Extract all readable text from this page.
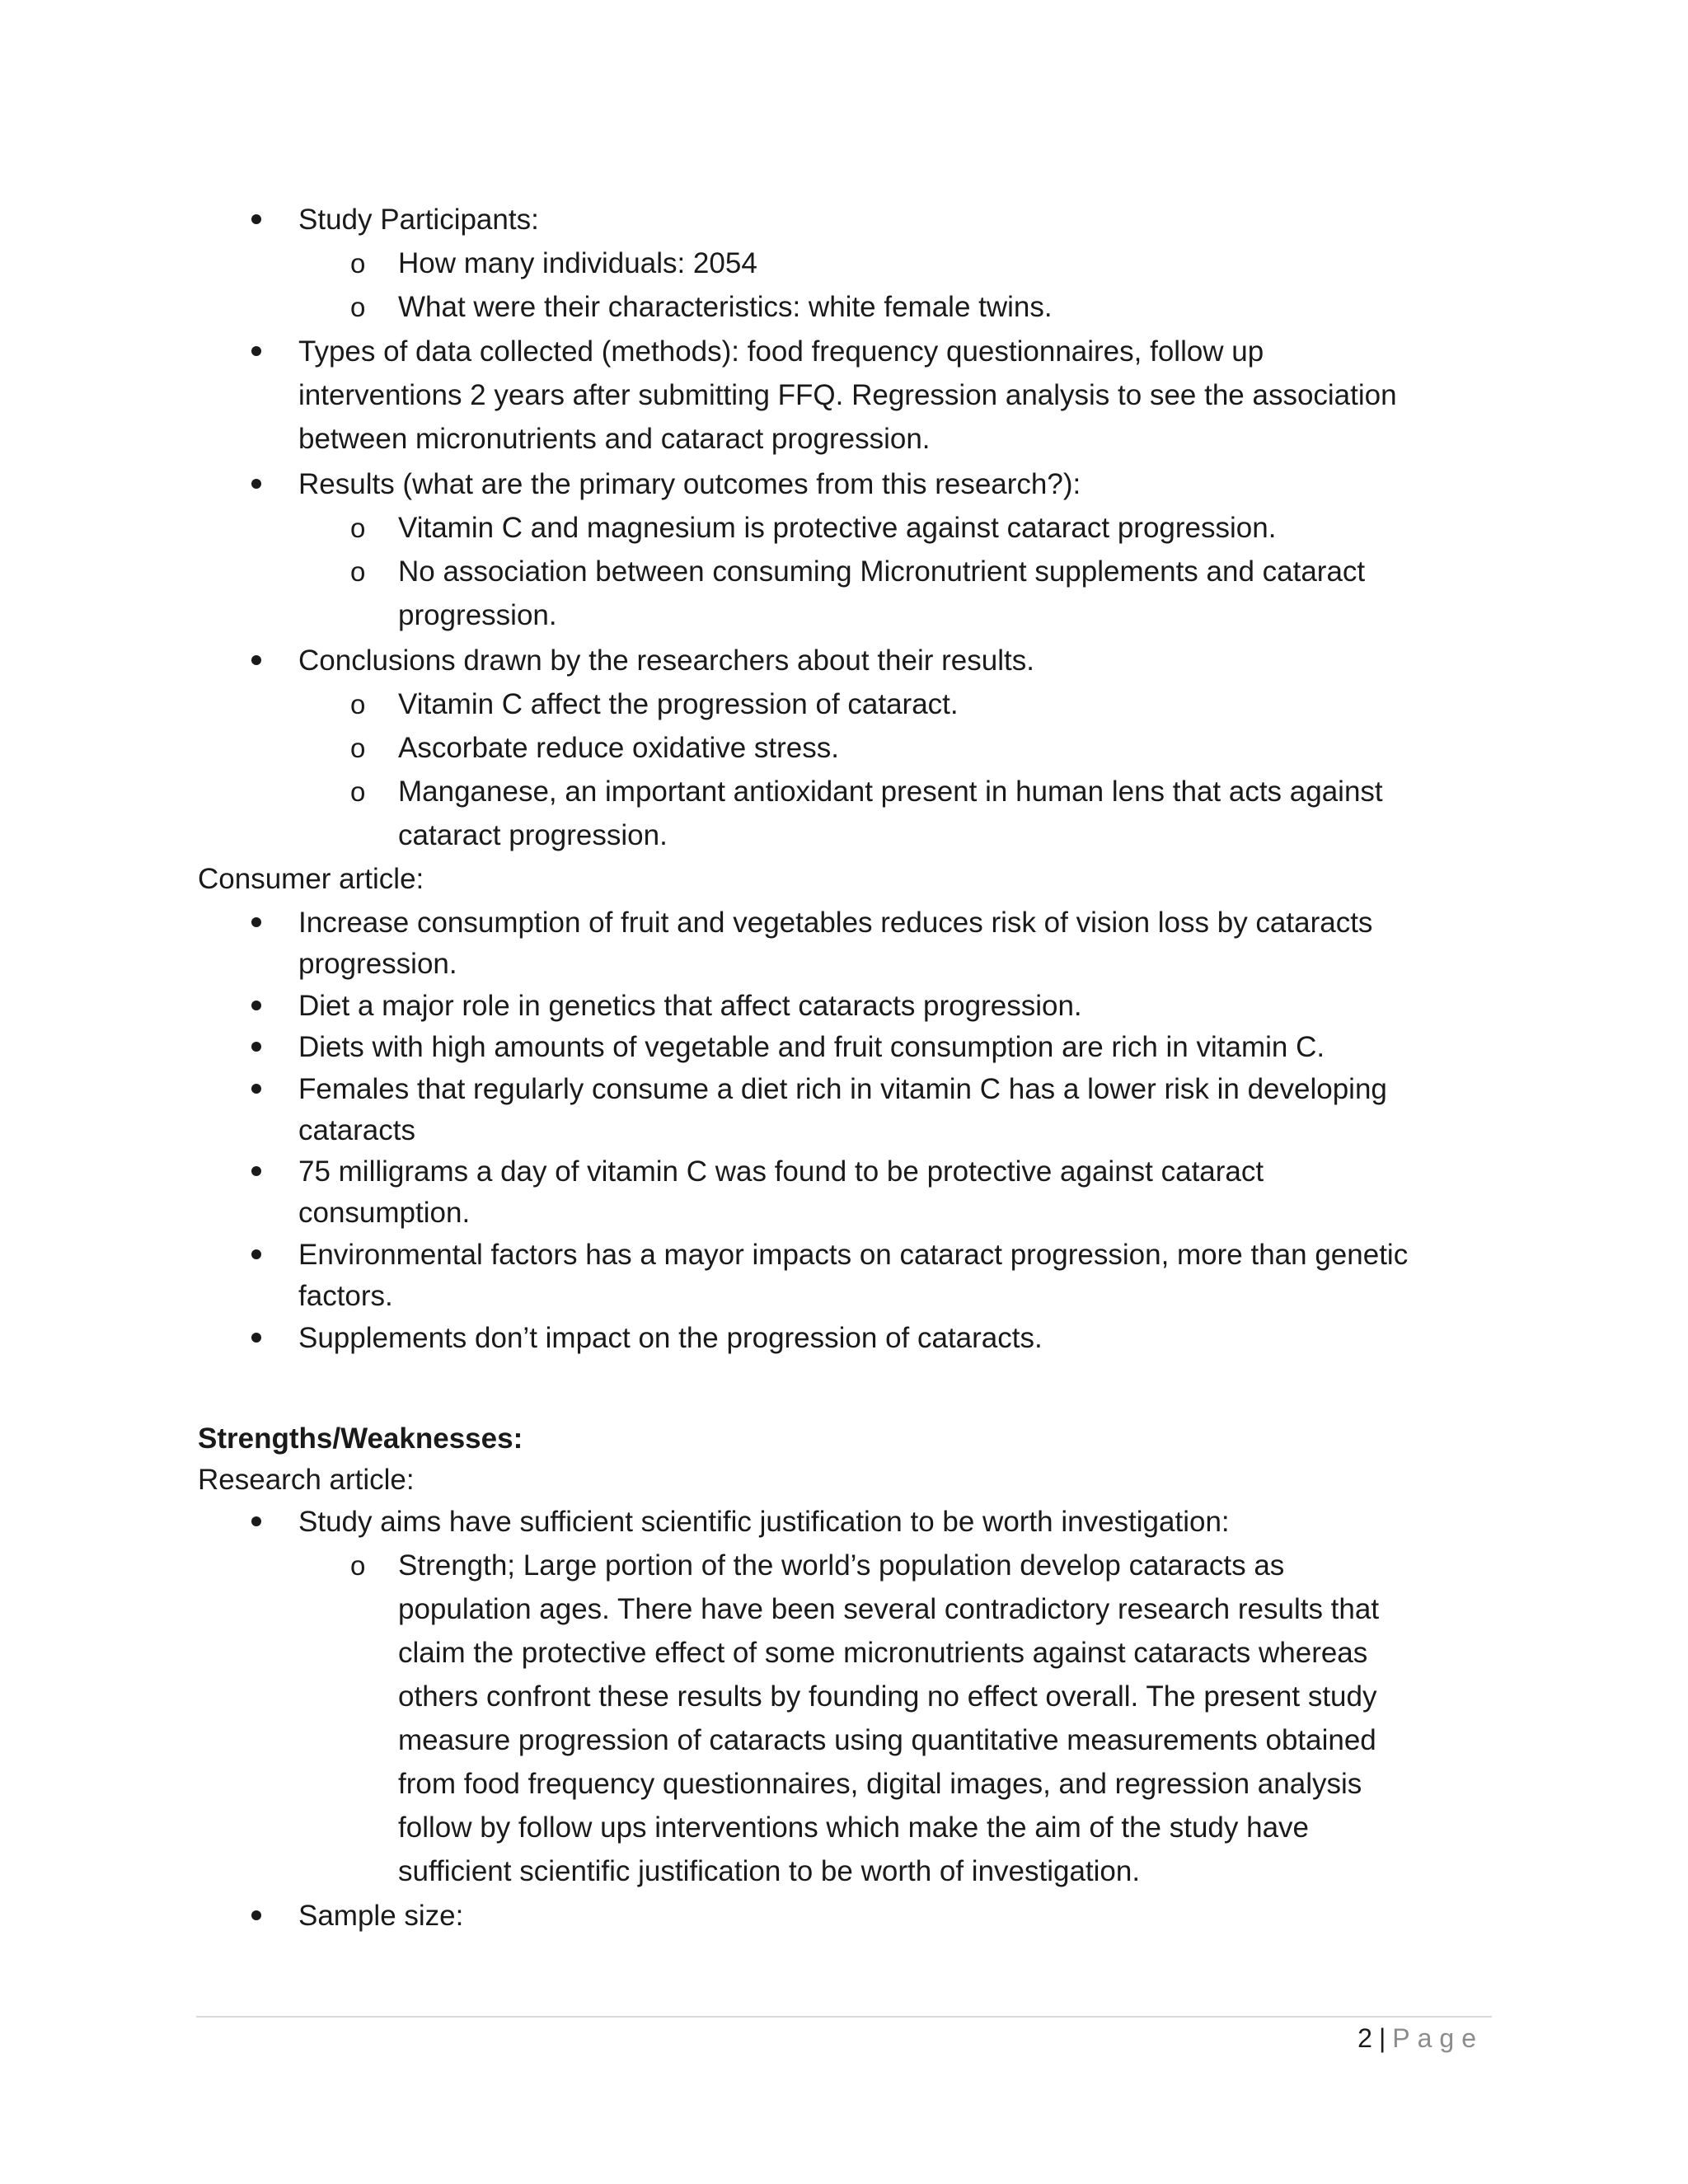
Study Participants:
o How many individuals: 2054
o What were their characteristics: white female twins.
Types of data collected (methods): food frequency questionnaires, follow up
interventions 2 years after submitting FFQ. Regression analysis to see the association
between micronutrients and cataract progression.
Results (what are the primary outcomes from this research?):
o Vitamin C and magnesium is protective against cataract progression.
o No association between consuming Micronutrient supplements and cataract
progression.
Conclusions drawn by the researchers about their results.
o Vitamin C affect the progression of cataract.
o Ascorbate reduce oxidative stress.
o Manganese, an important antioxidant present in human lens that acts against
cataract progression.
Consumer article:
Increase consumption of fruit and vegetables reduces risk of vision loss by cataracts
progression.
Diet a major role in genetics that affect cataracts progression.
Diets with high amounts of vegetable and fruit consumption are rich in vitamin C.
Females that regularly consume a diet rich in vitamin C has a lower risk in developing
cataracts
75 milligrams a day of vitamin C was found to be protective against cataract
consumption.
Environmental factors has a mayor impacts on cataract progression, more than genetic
factors.
Supplements don’t impact on the progression of cataracts.
Strengths/Weaknesses:
Research article:
Study aims have sufficient scientific justification to be worth investigation:
o Strength; Large portion of the world’s population develop cataracts as
population ages. There have been several contradictory research results that
claim the protective effect of some micronutrients against cataracts whereas
others confront these results by founding no effect overall. The present study
measure progression of cataracts using quantitative measurements obtained
from food frequency questionnaires, digital images, and regression analysis
follow by follow ups interventions which make the aim of the study have
sufficient scientific justification to be worth of investigation.
Sample size:
2 | Page
